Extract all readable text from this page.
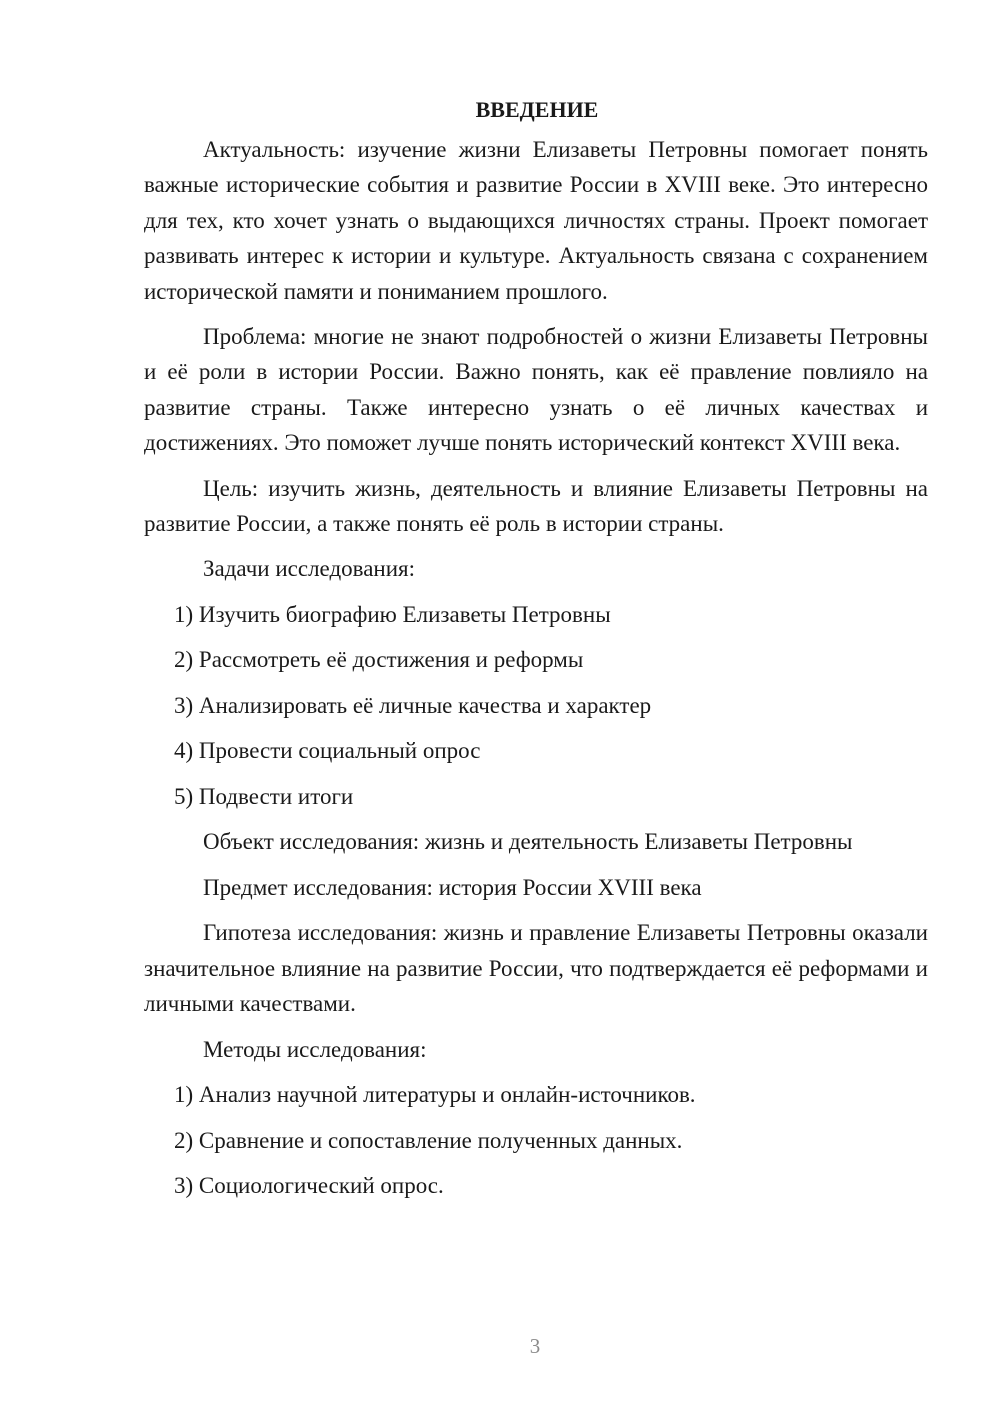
ВВЕДЕНИЕ

Актуальность: изучение жизни Елизаветы Петровны помогает понять важные исторические события и развитие России в XVIII веке. Это интересно для тех, кто хочет узнать о выдающихся личностях страны. Проект помогает развивать интерес к истории и культуре. Актуальность связана с сохранением исторической памяти и пониманием прошлого.

Проблема: многие не знают подробностей о жизни Елизаветы Петровны и её роли в истории России. Важно понять, как её правление повлияло на развитие страны. Также интересно узнать о её личных качествах и достижениях. Это поможет лучше понять исторический контекст XVIII века.

Цель: изучить жизнь, деятельность и влияние Елизаветы Петровны на развитие России, а также понять её роль в истории страны.

Задачи исследования:
1) Изучить биографию Елизаветы Петровны
2) Рассмотреть её достижения и реформы
3) Анализировать её личные качества и характер
4) Провести социальный опрос
5) Подвести итоги
Объект исследования: жизнь и деятельность Елизаветы Петровны
Предмет исследования: история России XVIII века

Гипотеза исследования: жизнь и правление Елизаветы Петровны оказали значительное влияние на развитие России, что подтверждается её реформами и личными качествами.

Методы исследования:
1) Анализ научной литературы и онлайн-источников.
2) Сравнение и сопоставление полученных данных.
3) Социологический опрос.
3
